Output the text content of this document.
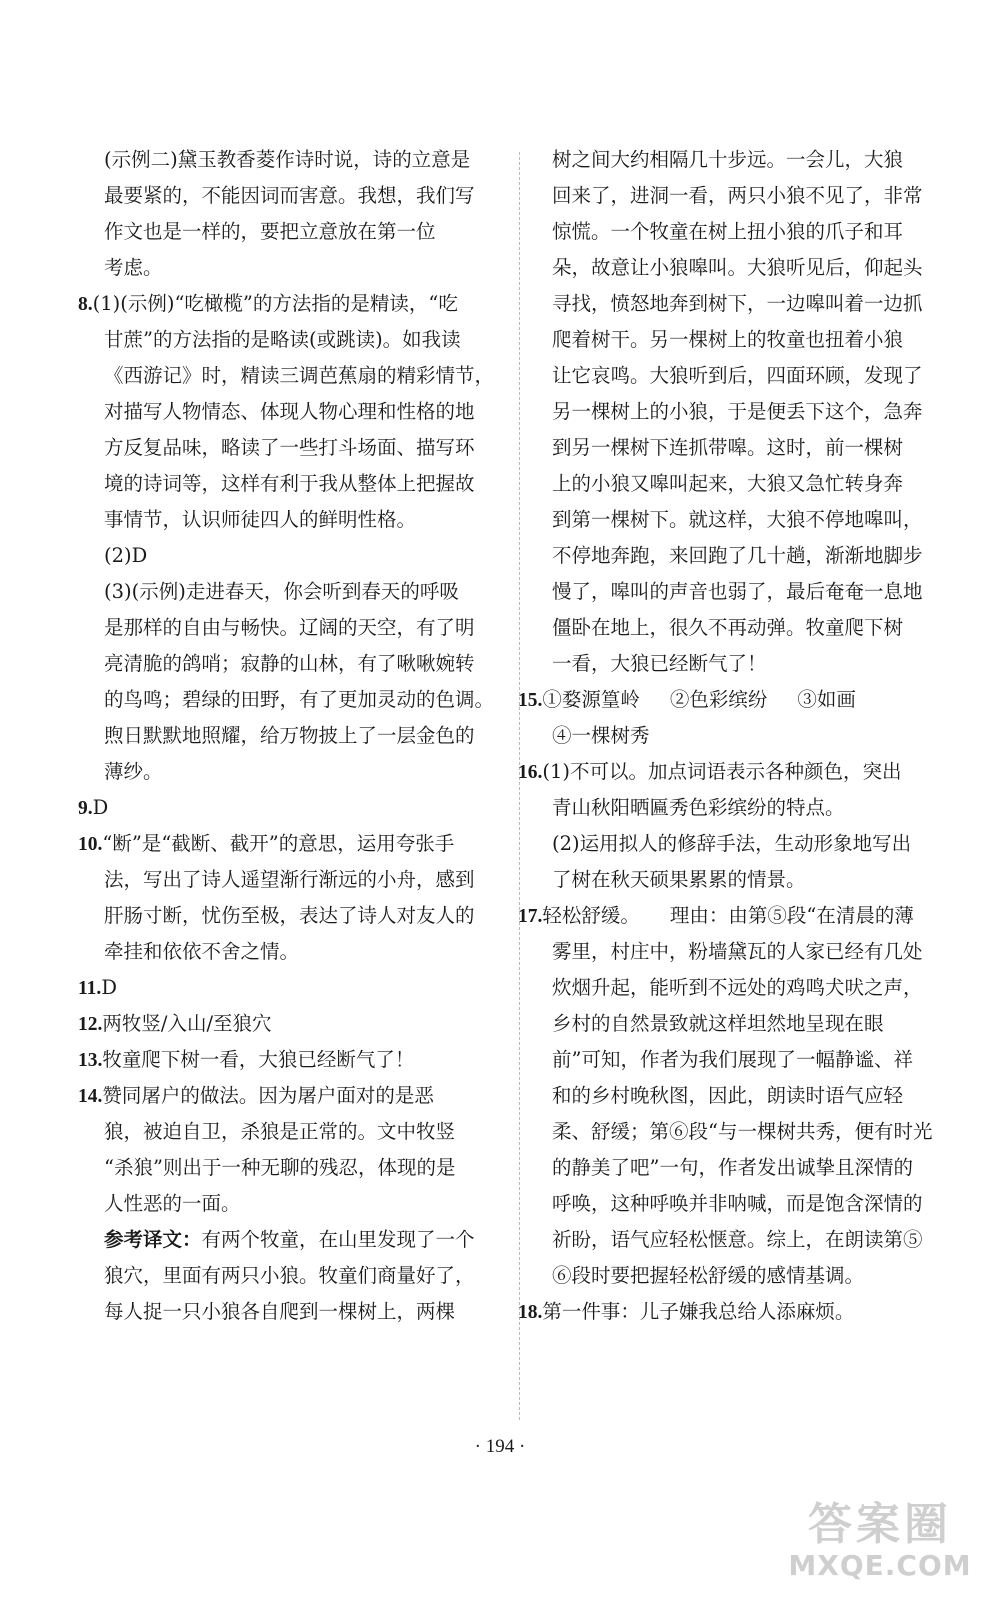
(示例二)黛玉教香菱作诗时说，诗的立意是
最要紧的，不能因词而害意。我想，我们写
作文也是一样的，要把立意放在第一位
考虑。
8.(1)(示例)“吃橄榄”的方法指的是精读，“吃
甘蔗”的方法指的是略读(或跳读)。如我读
《西游记》时，精读三调芭蕉扇的精彩情节，
对描写人物情态、体现人物心理和性格的地
方反复品味，略读了一些打斗场面、描写环
境的诗词等，这样有利于我从整体上把握故
事情节，认识师徒四人的鲜明性格。
(2)D
(3)(示例)走进春天，你会听到春天的呼吸
是那样的自由与畅快。辽阔的天空，有了明
亮清脆的鸽哨；寂静的山林，有了啾啾婉转
的鸟鸣；碧绿的田野，有了更加灵动的色调。
煦日默默地照耀，给万物披上了一层金色的
薄纱。
9.D
10.“断”是“截断、截开”的意思，运用夸张手
法，写出了诗人遥望渐行渐远的小舟，感到
肝肠寸断，忧伤至极，表达了诗人对友人的
牵挂和依依不舍之情。
11.D
12.两牧竖/入山/至狼穴
13.牧童爬下树一看，大狼已经断气了！
14.赞同屠户的做法。因为屠户面对的是恶
狼，被迫自卫，杀狼是正常的。文中牧竖
“杀狼”则出于一种无聊的残忍，体现的是
人性恶的一面。
参考译文：有两个牧童，在山里发现了一个
狼穴，里面有两只小狼。牧童们商量好了，
每人捉一只小狼各自爬到一棵树上，两棵
树之间大约相隔几十步远。一会儿，大狼
回来了，进洞一看，两只小狼不见了，非常
惊慌。一个牧童在树上扭小狼的爪子和耳
朵，故意让小狼嗥叫。大狼听见后，仰起头
寻找，愤怒地奔到树下，一边嗥叫着一边抓
爬着树干。另一棵树上的牧童也扭着小狼
让它哀鸣。大狼听到后，四面环顾，发现了
另一棵树上的小狼，于是便丢下这个，急奔
到另一棵树下连抓带嗥。这时，前一棵树
上的小狼又嗥叫起来，大狼又急忙转身奔
到第一棵树下。就这样，大狼不停地嗥叫，
不停地奔跑，来回跑了几十趟，渐渐地脚步
慢了，嗥叫的声音也弱了，最后奄奄一息地
僵卧在地上，很久不再动弹。牧童爬下树
一看，大狼已经断气了！
15.①婺源篁岭 ②色彩缤纷 ③如画
④一棵树秀
16.(1)不可以。加点词语表示各种颜色，突出
青山秋阳晒匾秀色彩缤纷的特点。
(2)运用拟人的修辞手法，生动形象地写出
了树在秋天硕果累累的情景。
17.轻松舒缓。 理由：由第⑤段“在清晨的薄
雾里，村庄中，粉墙黛瓦的人家已经有几处
炊烟升起，能听到不远处的鸡鸣犬吠之声，
乡村的自然景致就这样坦然地呈现在眼
前”可知，作者为我们展现了一幅静谧、祥
和的乡村晚秋图，因此，朗读时语气应轻
柔、舒缓；第⑥段“与一棵树共秀，便有时光
的静美了吧”一句，作者发出诚挚且深情的
呼唤，这种呼唤并非呐喊，而是饱含深情的
祈盼，语气应轻松惬意。综上，在朗读第⑤
⑥段时要把握轻松舒缓的感情基调。
18.第一件事：儿子嫌我总给人添麻烦。
· 194 ·
答案圈
MXQE.COM
